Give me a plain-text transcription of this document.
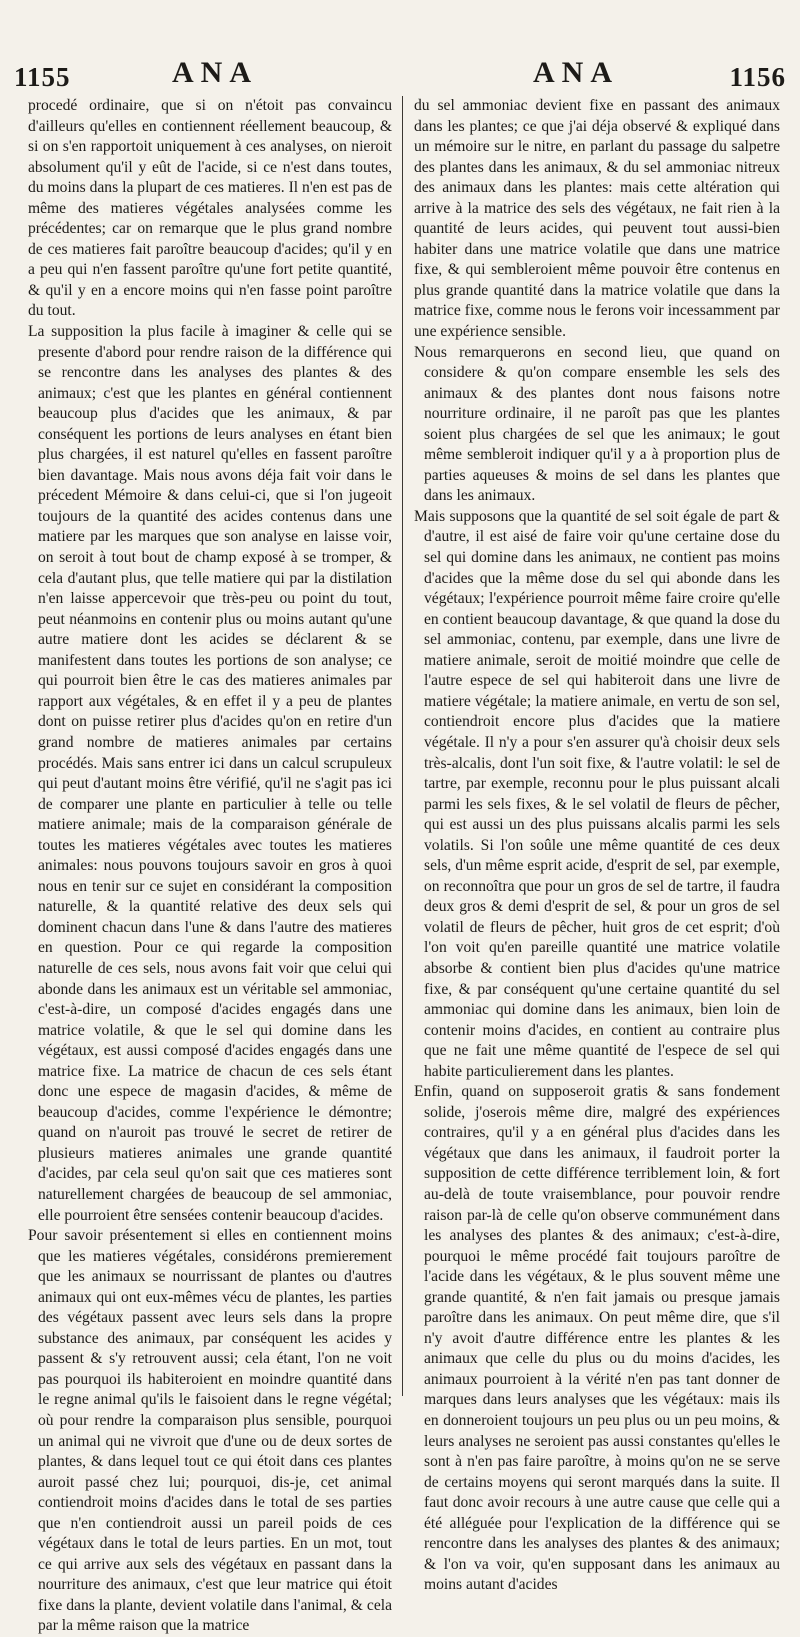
1155	ANA	ANA	1156

procedé ordinaire, que si on n'étoit pas convaincu d'ailleurs qu'elles en contiennent réellement beaucoup, & si on s'en rapportoit uniquement à ces analyses, on nieroit absolument qu'il y eût de l'acide, si ce n'est dans toutes, du moins dans la plupart de ces matieres. Il n'en est pas de même des matieres végétales analysées comme les précédentes; car on remarque que le plus grand nombre de ces matieres fait paroître beaucoup d'acides; qu'il y en a peu qui n'en fassent paroître qu'une fort petite quantité, & qu'il y en a encore moins qui n'en fasse point paroître du tout.

La supposition la plus facile à imaginer & celle qui se presente d'abord pour rendre raison de la différence qui se rencontre dans les analyses des plantes & des animaux; c'est que les plantes en général contiennent beaucoup plus d'acides que les animaux, & par conséquent les portions de leurs analyses en étant bien plus chargées, il est naturel qu'elles en fassent paroître bien davantage. Mais nous avons déja fait voir dans le précedent Mémoire & dans celui-ci, que si l'on jugeoit toujours de la quantité des acides contenus dans une matiere par les marques que son analyse en laisse voir, on seroit à tout bout de champ exposé à se tromper, & cela d'autant plus, que telle matiere qui par la distilation n'en laisse appercevoir que très-peu ou point du tout, peut néanmoins en contenir plus ou moins autant qu'une autre matiere dont les acides se déclarent & se manifestent dans toutes les portions de son analyse; ce qui pourroit bien être le cas des matieres animales par rapport aux végétales, & en effet il y a peu de plantes dont on puisse retirer plus d'acides qu'on en retire d'un grand nombre de matieres animales par certains procédés. Mais sans entrer ici dans un calcul scrupuleux qui peut d'autant moins être vérifié, qu'il ne s'agit pas ici de comparer une plante en particulier à telle ou telle matiere animale; mais de la comparaison générale de toutes les matieres végétales avec toutes les matieres animales: nous pouvons toujours savoir en gros à quoi nous en tenir sur ce sujet en considérant la composition naturelle, & la quantité relative des deux sels qui dominent chacun dans l'une & dans l'autre des matieres en question. Pour ce qui regarde la composition naturelle de ces sels, nous avons fait voir que celui qui abonde dans les animaux est un véritable sel ammoniac, c'est-à-dire, un composé d'acides engagés dans une matrice volatile, & que le sel qui domine dans les végétaux, est aussi composé d'acides engagés dans une matrice fixe. La matrice de chacun de ces sels étant donc une espece de magasin d'acides, & même de beaucoup d'acides, comme l'expérience le démontre; quand on n'auroit pas trouvé le secret de retirer de plusieurs matieres animales une grande quantité d'acides, par cela seul qu'on sait que ces matieres sont naturellement chargées de beaucoup de sel ammoniac, elle pourroient être sensées contenir beaucoup d'acides.

Pour savoir présentement si elles en contiennent moins que les matieres végétales, considérons premierement que les animaux se nourrissant de plantes ou d'autres animaux qui ont eux-mêmes vécu de plantes, les parties des végétaux passent avec leurs sels dans la propre substance des animaux, par conséquent les acides y passent & s'y retrouvent aussi; cela étant, l'on ne voit pas pourquoi ils habiteroient en moindre quantité dans le regne animal qu'ils le faisoient dans le regne végétal; où pour rendre la comparaison plus sensible, pourquoi un animal qui ne vivroit que d'une ou de deux sortes de plantes, & dans lequel tout ce qui étoit dans ces plantes auroit passé chez lui; pourquoi, dis-je, cet animal contiendroit moins d'acides dans le total de ses parties que n'en contiendroit aussi un pareil poids de ces végétaux dans le total de leurs parties. En un mot, tout ce qui arrive aux sels des végétaux en passant dans la nourriture des animaux, c'est que leur matrice qui étoit fixe dans la plante, devient volatile dans l'animal, & cela par la même raison que la matrice

du sel ammoniac devient fixe en passant des animaux dans les plantes; ce que j'ai déja observé & expliqué dans un mémoire sur le nitre, en parlant du passage du salpetre des plantes dans les animaux, & du sel ammoniac nitreux des animaux dans les plantes: mais cette altération qui arrive à la matrice des sels des végétaux, ne fait rien à la quantité de leurs acides, qui peuvent tout aussi-bien habiter dans une matrice volatile que dans une matrice fixe, & qui sembleroient même pouvoir être contenus en plus grande quantité dans la matrice volatile que dans la matrice fixe, comme nous le ferons voir incessamment par une expérience sensible.

Nous remarquerons en second lieu, que quand on considere & qu'on compare ensemble les sels des animaux & des plantes dont nous faisons notre nourriture ordinaire, il ne paroît pas que les plantes soient plus chargées de sel que les animaux; le gout même sembleroit indiquer qu'il y a à proportion plus de parties aqueuses & moins de sel dans les plantes que dans les animaux.

Mais supposons que la quantité de sel soit égale de part & d'autre, il est aisé de faire voir qu'une certaine dose du sel qui domine dans les animaux, ne contient pas moins d'acides que la même dose du sel qui abonde dans les végétaux; l'expérience pourroit même faire croire qu'elle en contient beaucoup davantage, & que quand la dose du sel ammoniac, contenu, par exemple, dans une livre de matiere animale, seroit de moitié moindre que celle de l'autre espece de sel qui habiteroit dans une livre de matiere végétale; la matiere animale, en vertu de son sel, contiendroit encore plus d'acides que la matiere végétale. Il n'y a pour s'en assurer qu'à choisir deux sels très-alcalis, dont l'un soit fixe, & l'autre volatil: le sel de tartre, par exemple, reconnu pour le plus puissant alcali parmi les sels fixes, & le sel volatil de fleurs de pêcher, qui est aussi un des plus puissans alcalis parmi les sels volatils. Si l'on soûle une même quantité de ces deux sels, d'un même esprit acide, d'esprit de sel, par exemple, on reconnoîtra que pour un gros de sel de tartre, il faudra deux gros & demi d'esprit de sel, & pour un gros de sel volatil de fleurs de pêcher, huit gros de cet esprit; d'où l'on voit qu'en pareille quantité une matrice volatile absorbe & contient bien plus d'acides qu'une matrice fixe, & par conséquent qu'une certaine quantité du sel ammoniac qui domine dans les animaux, bien loin de contenir moins d'acides, en contient au contraire plus que ne fait une même quantité de l'espece de sel qui habite particulierement dans les plantes.

Enfin, quand on supposeroit gratis & sans fondement solide, j'oserois même dire, malgré des expériences contraires, qu'il y a en général plus d'acides dans les végétaux que dans les animaux, il faudroit porter la supposition de cette différence terriblement loin, & fort au-delà de toute vraisemblance, pour pouvoir rendre raison par-là de celle qu'on observe communément dans les analyses des plantes & des animaux; c'est-à-dire, pourquoi le même procédé fait toujours paroître de l'acide dans les végétaux, & le plus souvent même une grande quantité, & n'en fait jamais ou presque jamais paroître dans les animaux. On peut même dire, que s'il n'y avoit d'autre différence entre les plantes & les animaux que celle du plus ou du moins d'acides, les animaux pourroient à la vérité n'en pas tant donner de marques dans leurs analyses que les végétaux: mais ils en donneroient toujours un peu plus ou un peu moins, & leurs analyses ne seroient pas aussi constantes qu'elles le sont à n'en pas faire paroître, à moins qu'on ne se serve de certains moyens qui seront marqués dans la suite. Il faut donc avoir recours à une autre cause que celle qui a été alléguée pour l'explication de la différence qui se rencontre dans les analyses des plantes & des animaux; & l'on va voir, qu'en supposant dans les animaux au moins autant d'acides
